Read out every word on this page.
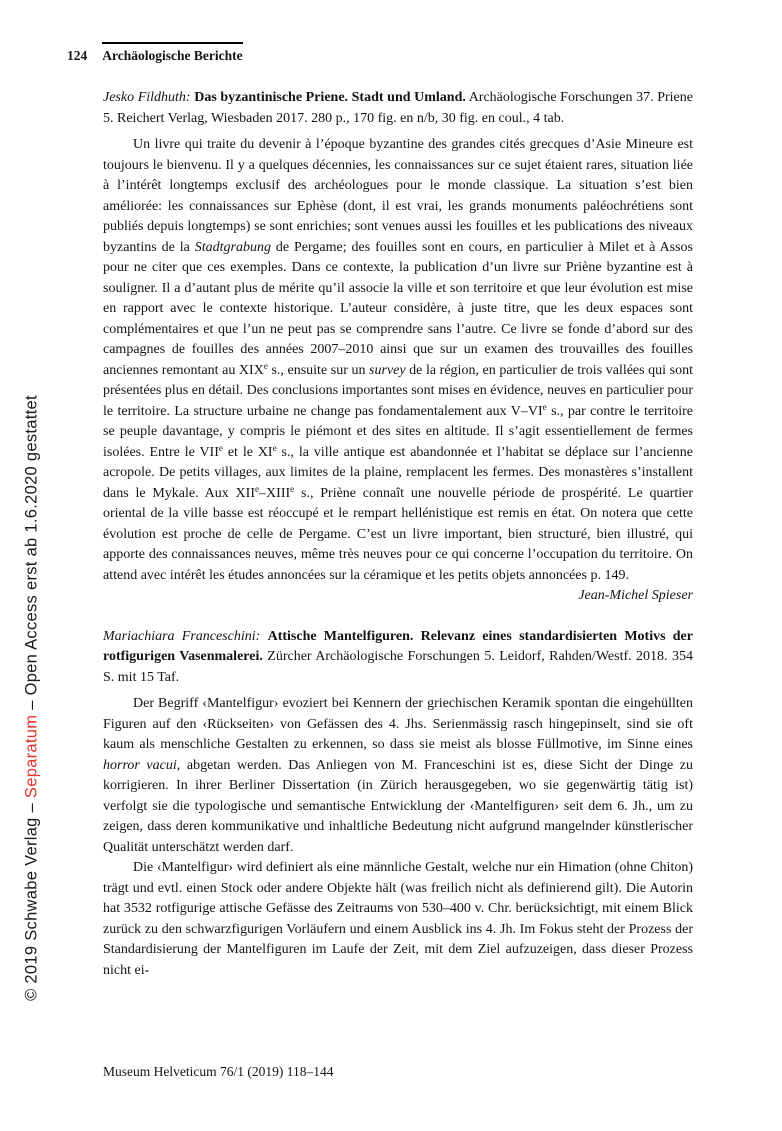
124 Archäologische Berichte
© 2019 Schwabe Verlag – Separatum – Open Access erst ab 1.6.2020 gestattet

Jesko Fildhuth: Das byzantinische Priene. Stadt und Umland. Archäologische Forschungen 37. Priene 5. Reichert Verlag, Wiesbaden 2017. 280 p., 170 fig. en n/b, 30 fig. en coul., 4 tab.

Un livre qui traite du devenir à l’époque byzantine des grandes cités grecques d’Asie Mineure est toujours le bienvenu. Il y a quelques décennies, les connaissances sur ce sujet étaient rares, situation liée à l’intérêt longtemps exclusif des archéologues pour le monde classique. La situation s’est bien améliorée: les connaissances sur Ephèse (dont, il est vrai, les grands monuments paléochrétiens sont publiés depuis longtemps) se sont enrichies; sont venues aussi les fouilles et les publications des niveaux byzantins de la Stadtgrabung de Pergame; des fouilles sont en cours, en particulier à Milet et à Assos pour ne citer que ces exemples. Dans ce contexte, la publication d’un livre sur Priène byzantine est à souligner. Il a d’autant plus de mérite qu’il associe la ville et son territoire et que leur évolution est mise en rapport avec le contexte historique. L’auteur considère, à juste titre, que les deux espaces sont complémentaires et que l’un ne peut pas se comprendre sans l’autre. Ce livre se fonde d’abord sur des campagnes de fouilles des années 2007–2010 ainsi que sur un examen des trouvailles des fouilles anciennes remontant au XIXe s., ensuite sur un survey de la région, en particulier de trois vallées qui sont présentées plus en détail. Des conclusions importantes sont mises en évidence, neuves en particulier pour le territoire. La structure urbaine ne change pas fondamentalement aux V–VIe s., par contre le territoire se peuple davantage, y compris le piémont et des sites en altitude. Il s’agit essentiellement de fermes isolées. Entre le VIIe et le XIe s., la ville antique est abandonnée et l’habitat se déplace sur l’ancienne acropole. De petits villages, aux limites de la plaine, remplacent les fermes. Des monastères s’installent dans le Mykale. Aux XIIe–XIIIe s., Priène connaît une nouvelle période de prospérité. Le quartier oriental de la ville basse est réoccupé et le rempart hellénistique est remis en état. On notera que cette évolution est proche de celle de Pergame. C’est un livre important, bien structuré, bien illustré, qui apporte des connaissances neuves, même très neuves pour ce qui concerne l’occupation du territoire. On attend avec intérêt les études annoncées sur la céramique et les petits objets annoncées p. 149.

Jean-Michel Spieser

Mariachiara Franceschini: Attische Mantelfiguren. Relevanz eines standardisierten Motivs der rotfigurigen Vasenmalerei. Zürcher Archäologische Forschungen 5. Leidorf, Rahden/Westf. 2018. 354 S. mit 15 Taf.

Der Begriff ‹Mantelfigur› evoziert bei Kennern der griechischen Keramik spontan die eingehüllten Figuren auf den ‹Rückseiten› von Gefässen des 4. Jhs. Serienmässig rasch hingepinselt, sind sie oft kaum als menschliche Gestalten zu erkennen, so dass sie meist als blosse Füllmotive, im Sinne eines horror vacui, abgetan werden. Das Anliegen von M. Franceschini ist es, diese Sicht der Dinge zu korrigieren. In ihrer Berliner Dissertation (in Zürich herausgegeben, wo sie gegenwärtig tätig ist) verfolgt sie die typologische und semantische Entwicklung der ‹Mantelfiguren› seit dem 6. Jh., um zu zeigen, dass deren kommunikative und inhaltliche Bedeutung nicht aufgrund mangelnder künstlerischer Qualität unterschätzt werden darf.

Die ‹Mantelfigur› wird definiert als eine männliche Gestalt, welche nur ein Himation (ohne Chiton) trägt und evtl. einen Stock oder andere Objekte hält (was freilich nicht als definierend gilt). Die Autorin hat 3532 rotfigurige attische Gefässe des Zeitraums von 530–400 v. Chr. berücksichtigt, mit einem Blick zurück zu den schwarzfigurigen Vorläufern und einem Ausblick ins 4. Jh. Im Fokus steht der Prozess der Standardisierung der Mantelfiguren im Laufe der Zeit, mit dem Ziel aufzuzeigen, dass dieser Prozess nicht ei-

Museum Helveticum 76/1 (2019) 118–144
